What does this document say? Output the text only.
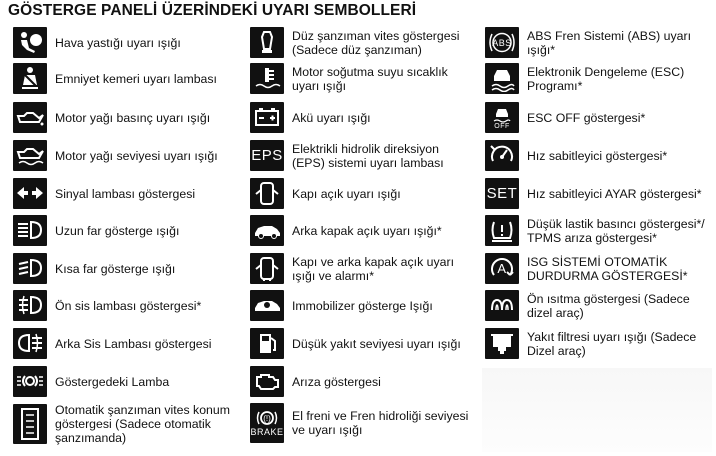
GÖSTERGE PANELİ ÜZERİNDEKİ UYARI SEMBOLLERİ
Hava yastığı uyarı ışığı
Emniyet kemeri uyarı lambası
Motor yağı basınç uyarı ışığı
Motor yağı seviyesi uyarı ışığı
Sinyal lambası göstergesi
Uzun far gösterge ışığı
Kısa far gösterge ışığı
Ön sis lambası göstergesi*
Arka Sis Lambası göstergesi
Göstergedeki Lamba
Otomatik şanzıman vites konum
göstergesi (Sadece otomatik
şanzımanda)
Düz şanzıman vites göstergesi
(Sadece düz şanzıman)
Motor soğutma suyu sıcaklık
uyarı ışığı
Akü uyarı ışığı
EPS Elektrikli hidrolik direksiyon
(EPS) sistemi uyarı lambası
Kapı açık uyarı ışığı
Arka kapak açık uyarı ışığı*
Kapı ve arka kapak açık uyarı
ışığı ve alarmı*
Immobilizer gösterge Işığı
Düşük yakıt seviyesi uyarı ışığı
Arıza göstergesi
(!)
BRAKE
El freni ve Fren hidroliği seviyesi
ve uyarı ışığı
ABS ABS Fren Sistemi (ABS) uyarı
ışığı*
Elektronik Dengeleme (ESC)
Programı*
OFF
ESC OFF göstergesi*
Hız sabitleyici göstergesi*
SET Hız sabitleyici AYAR göstergesi*
Düşük lastik basıncı göstergesi*/
TPMS arıza göstergesi*
A ISG SİSTEMİ OTOMATİK
DURDURMA GÖSTERGESİ*
Ön ısıtma göstergesi (Sadece
dizel araç)
Yakıt filtresi uyarı ışığı (Sadece
Dizel araç)
